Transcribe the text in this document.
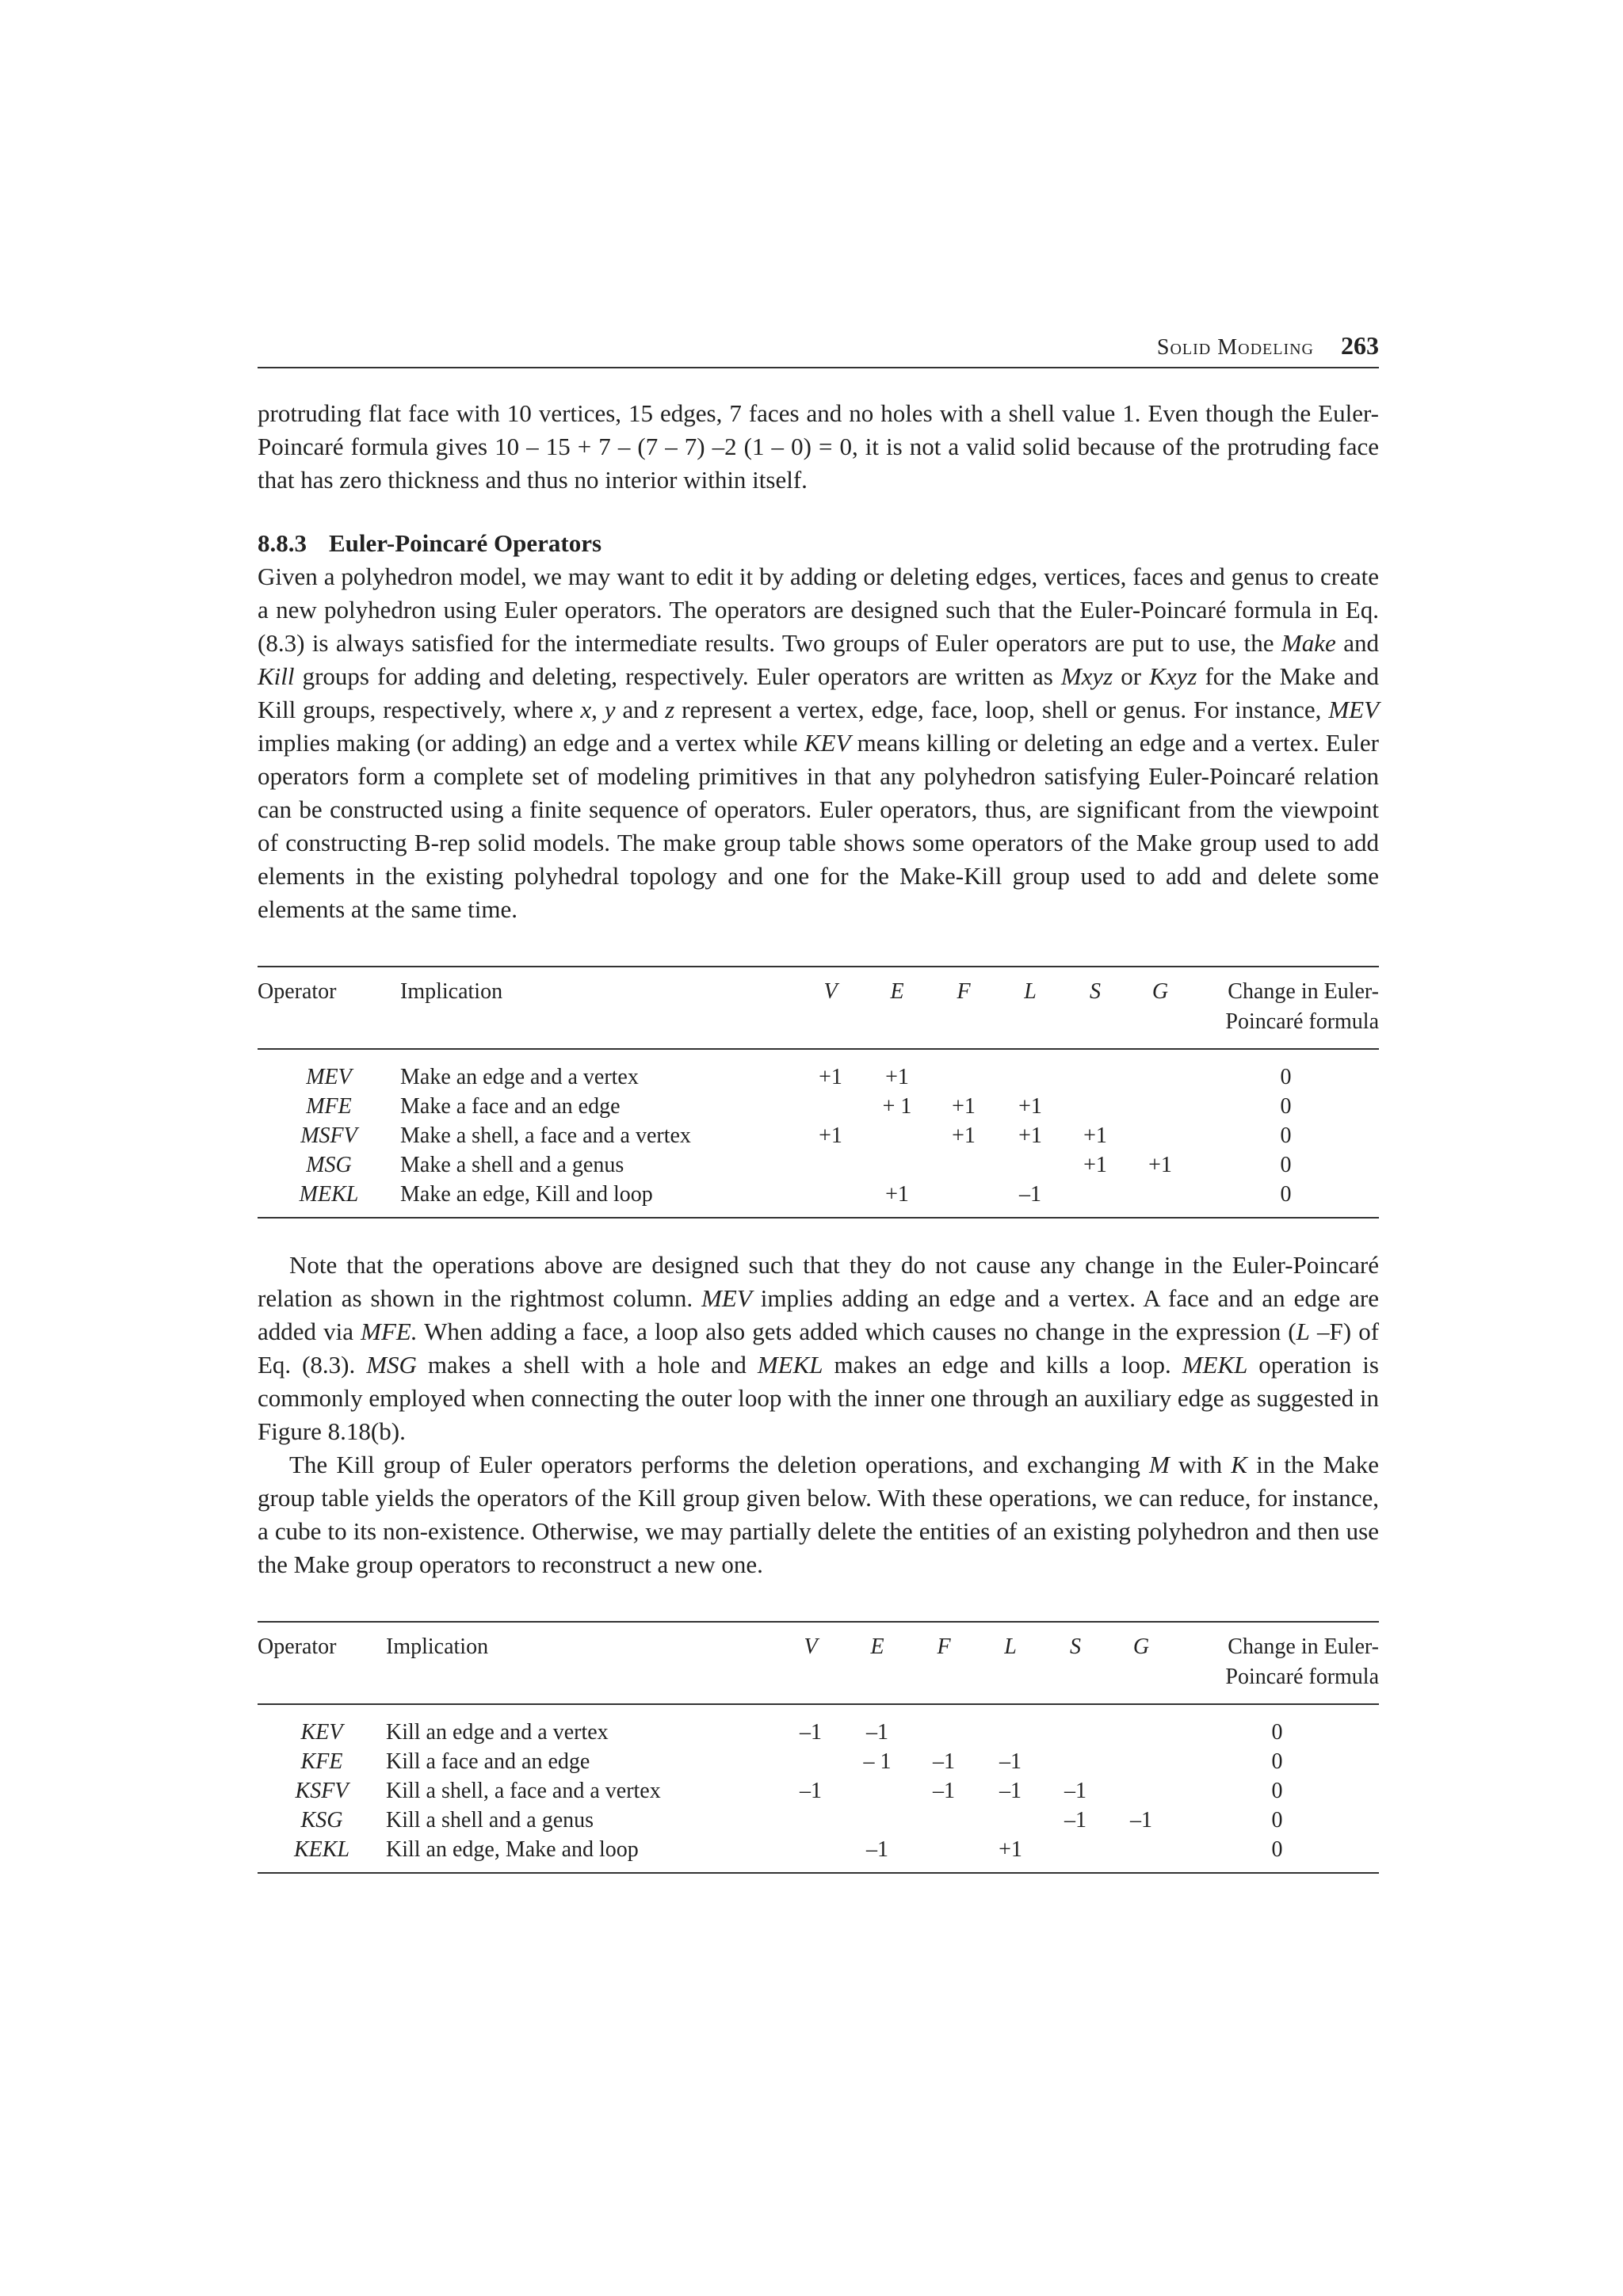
Solid Modeling 263

protruding flat face with 10 vertices, 15 edges, 7 faces and no holes with a shell value 1. Even though the Euler-Poincaré formula gives 10 – 15 + 7 – (7 – 7) –2 (1 – 0) = 0, it is not a valid solid because of the protruding face that has zero thickness and thus no interior within itself.

8.8.3 Euler-Poincaré Operators

Given a polyhedron model, we may want to edit it by adding or deleting edges, vertices, faces and genus to create a new polyhedron using Euler operators. The operators are designed such that the Euler-Poincaré formula in Eq. (8.3) is always satisfied for the intermediate results. Two groups of Euler operators are put to use, the Make and Kill groups for adding and deleting, respectively. Euler operators are written as Mxyz or Kxyz for the Make and Kill groups, respectively, where x, y and z represent a vertex, edge, face, loop, shell or genus. For instance, MEV implies making (or adding) an edge and a vertex while KEV means killing or deleting an edge and a vertex. Euler operators form a complete set of modeling primitives in that any polyhedron satisfying Euler-Poincaré relation can be constructed using a finite sequence of operators. Euler operators, thus, are significant from the viewpoint of constructing B-rep solid models. The make group table shows some operators of the Make group used to add elements in the existing polyhedral topology and one for the Make-Kill group used to add and delete some elements at the same time.

Operator	Implication	V	E	F	L	S	G	Change in Euler-
Poincaré formula
MEV	Make an edge and a vertex	+1	+1					0
MFE	Make a face and an edge		+ 1	+1	+1			0
MSFV	Make a shell, a face and a vertex	+1		+1	+1	+1		0
MSG	Make a shell and a genus					+1	+1	0
MEKL	Make an edge, Kill and loop		+1		–1			0

Note that the operations above are designed such that they do not cause any change in the Euler-Poincaré relation as shown in the rightmost column. MEV implies adding an edge and a vertex. A face and an edge are added via MFE. When adding a face, a loop also gets added which causes no change in the expression (L –F) of Eq. (8.3). MSG makes a shell with a hole and MEKL makes an edge and kills a loop. MEKL operation is commonly employed when connecting the outer loop with the inner one through an auxiliary edge as suggested in Figure 8.18(b).

The Kill group of Euler operators performs the deletion operations, and exchanging M with K in the Make group table yields the operators of the Kill group given below. With these operations, we can reduce, for instance, a cube to its non-existence. Otherwise, we may partially delete the entities of an existing polyhedron and then use the Make group operators to reconstruct a new one.

Operator	Implication	V	E	F	L	S	G	Change in Euler-
Poincaré formula
KEV	Kill an edge and a vertex	–1	–1					0
KFE	Kill a face and an edge		– 1	–1	–1			0
KSFV	Kill a shell, a face and a vertex	–1		–1	–1	–1		0
KSG	Kill a shell and a genus					–1	–1	0
KEKL	Kill an edge, Make and loop		–1		+1			0
